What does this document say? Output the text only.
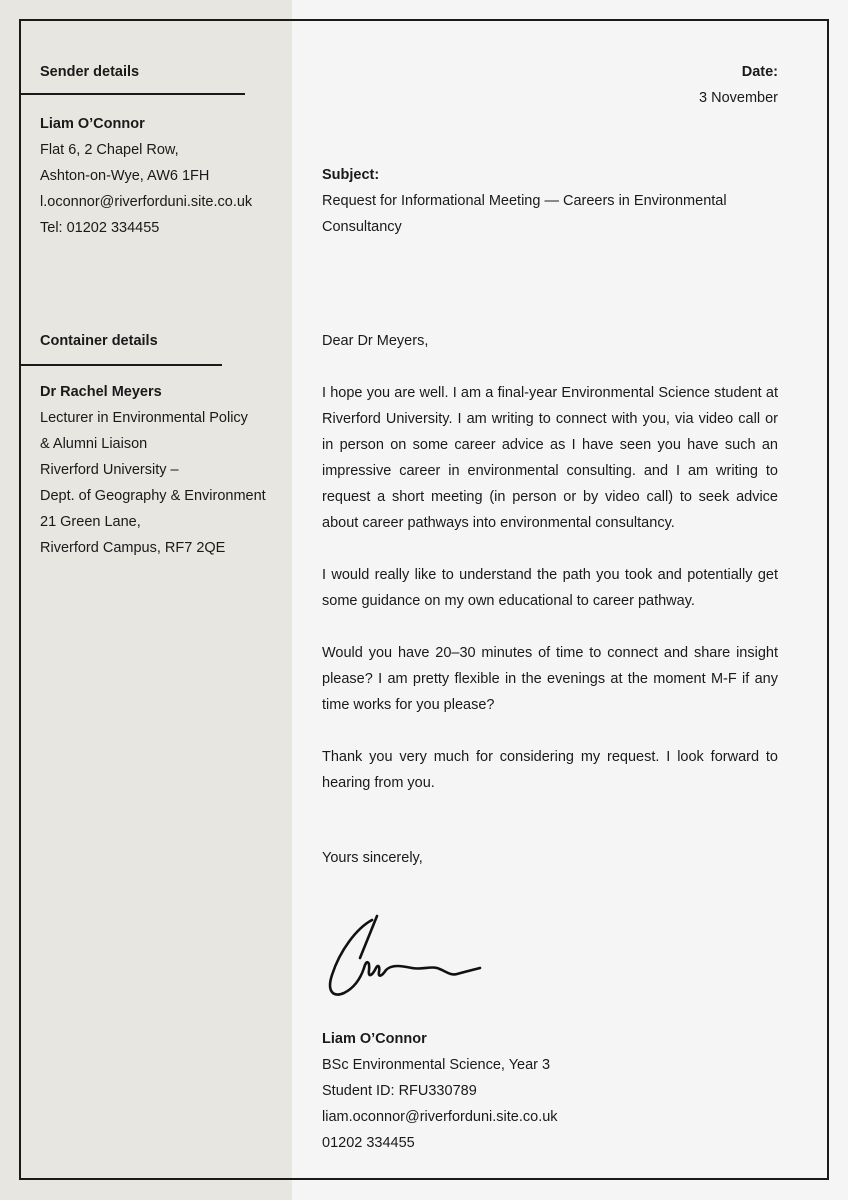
Sender details
Liam O’Connor
Flat 6, 2 Chapel Row,
Ashton-on-Wye, AW6 1FH
l.oconnor@riverforduni.site.co.uk
Tel: 01202 334455
Container details
Dr Rachel Meyers
Lecturer in Environmental Policy
& Alumni Liaison
Riverford University –
Dept. of Geography & Environment
21 Green Lane,
Riverford Campus, RF7 2QE
Date:
3 November
Subject:
Request for Informational Meeting — Careers in Environmental Consultancy
Dear Dr Meyers,
I hope you are well. I am a final-year Environmental Science student at Riverford University. I am writing to connect with you, via video call or in person on some career advice as I have seen you have such an impressive career in environmental consulting. and I am writing to request a short meeting (in person or by video call) to seek advice about career pathways into environmental consultancy.
I would really like to understand the path you took and potentially get some guidance on my own educational to career pathway.
Would you have 20–30 minutes of time to connect and share insight please? I am pretty flexible in the evenings at the moment M-F if any time works for you please?
Thank you very much for considering my request. I look forward to hearing from you.
Yours sincerely,
Liam O’Connor
BSc Environmental Science, Year 3
Student ID: RFU330789
liam.oconnor@riverforduni.site.co.uk
01202 334455
